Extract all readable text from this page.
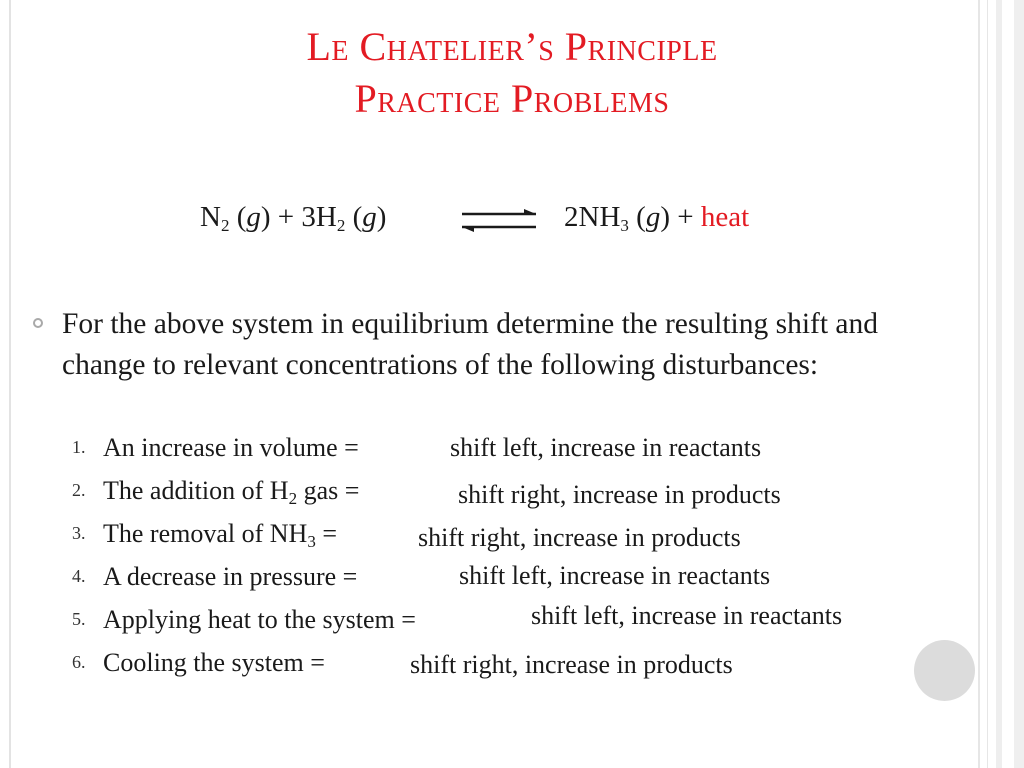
Le Chatelier’s Principle
Practice Problems
$N_2$ $(g) + 3H_2$ (g) ⇌ $2NH_3$ (g) + heat
For the above system in equilibrium determine the resulting shift and change to relevant concentrations of the following disturbances:
1. An increase in volume =	shift left, increase in reactants
2. The addition of $H_2$ gas =	shift right, increase in products
3. The removal of $NH_3$ =	shift right, increase in products
4. A decrease in pressure =	shift left, increase in reactants
5. Applying heat to the system =	shift left, increase in reactants
6. Cooling the system =	shift right, increase in products
